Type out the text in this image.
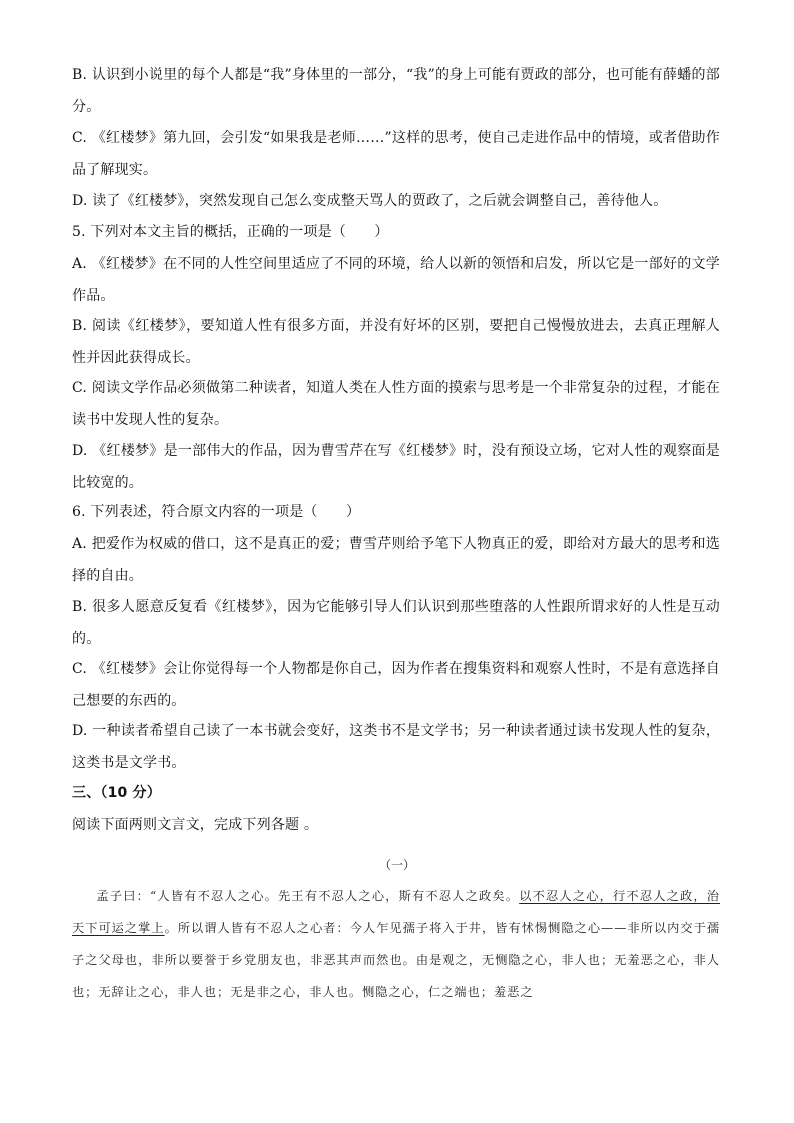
B. 认识到小说里的每个人都是“我”身体里的一部分，“我”的身上可能有贾政的部分，也可能有薛蟠的部分。

C. 《红楼梦》第九回，会引发“如果我是老师……”这样的思考，使自己走进作品中的情境，或者借助作品了解现实。

D. 读了《红楼梦》，突然发现自己怎么变成整天骂人的贾政了，之后就会调整自己，善待他人。

5. 下列对本文主旨的概括，正确的一项是（　　）

A. 《红楼梦》在不同的人性空间里适应了不同的环境，给人以新的领悟和启发，所以它是一部好的文学作品。

B. 阅读《红楼梦》，要知道人性有很多方面，并没有好坏的区别，要把自己慢慢放进去，去真正理解人性并因此获得成长。

C. 阅读文学作品必须做第二种读者，知道人类在人性方面的摸索与思考是一个非常复杂的过程，才能在读书中发现人性的复杂。

D. 《红楼梦》是一部伟大的作品，因为曹雪芹在写《红楼梦》时，没有预设立场，它对人性的观察面是比较宽的。

6. 下列表述，符合原文内容的一项是（　　）

A. 把爱作为权威的借口，这不是真正的爱；曹雪芹则给予笔下人物真正的爱，即给对方最大的思考和选择的自由。

B. 很多人愿意反复看《红楼梦》，因为它能够引导人们认识到那些堕落的人性跟所谓求好的人性是互动的。

C. 《红楼梦》会让你觉得每一个人物都是你自己，因为作者在搜集资料和观察人性时，不是有意选择自己想要的东西的。

D. 一种读者希望自己读了一本书就会变好，这类书不是文学书；另一种读者通过读书发现人性的复杂，这类书是文学书。

三、（10 分）

阅读下面两则文言文，完成下列各题 。

（一）

孟子曰：“人皆有不忍人之心。先王有不忍人之心，斯有不忍人之政矣。以不忍人之心，行不忍人之政，治天下可运之掌上。所以谓人皆有不忍人之心者：今人乍见孺子将入于井，皆有怵惕恻隐之心——非所以内交于孺子之父母也，非所以要誉于乡党朋友也，非恶其声而然也。由是观之，无恻隐之心，非人也；无羞恶之心，非人也；无辞让之心，非人也；无是非之心，非人也。恻隐之心，仁之端也；羞恶之
